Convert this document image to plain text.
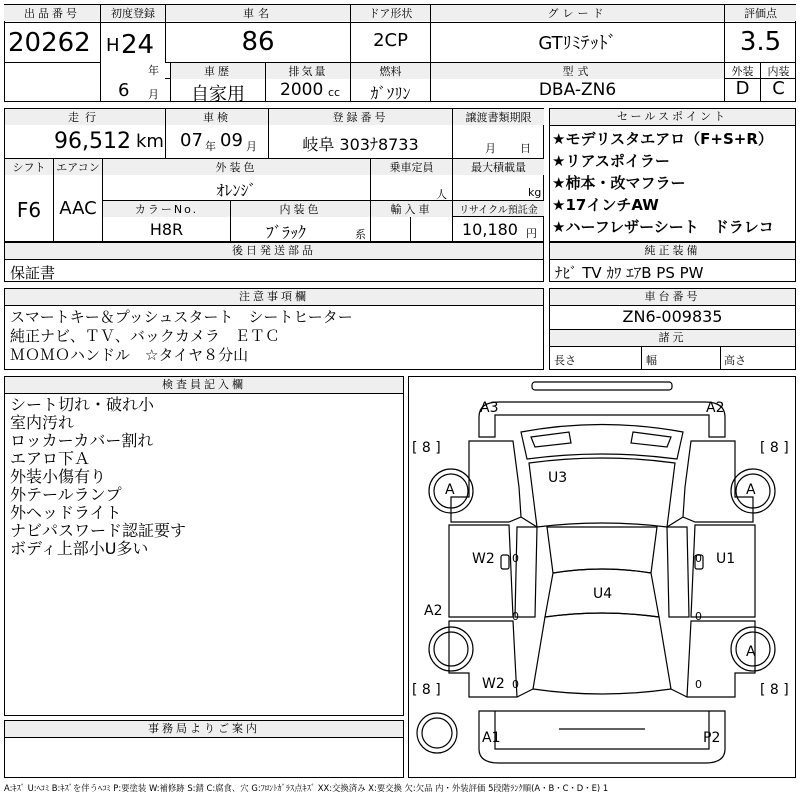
出品番号
20262
初度登録
H 24
年
6 月
車名
86
ドア形状
2CP
グレード
GTﾘﾐﾃｯﾄﾞ
評価点
3.5
車歴
自家用
排気量
2000 cc
燃料
ｶﾞｿﾘﾝ
型式
DBA-ZN6
外装	内装
D	C
走行
96,512 km
車検
07 年 09 月
登録番号
岐阜 303ﾅ8733
譲渡書類期限
月 日
シフト
F6
エアコン
AAC
外装色
ｵﾚﾝｼﾞ
乗車定員
人
最大積載量
kg
カラーNo.
H8R
内装色
ﾌﾞﾗｯｸ	系
輸入車	リサイクル預託金
10,180 円
セールスポイント
★モデリスタエアロ（F+S+R）
★リアスポイラー
★柿本・改マフラー
★17インチAW
★ハーフレザーシート　ドラレコ
後日発送部品
保証書
純正装備
ﾅﾋﾞ TV ｶﾜ ｴｱB PS PW
注意事項欄
スマートキー＆プッシュスタート　シートヒーター
純正ナビ、ＴＶ、バックカメラ　ＥＴＣ
ＭＯＭＯハンドル　☆タイヤ８分山
車台番号
ZN6-009835
諸元
長さ	幅	高さ
検査員記入欄
シート切れ・破れ小
室内汚れ
ロッカーカバー割れ
エアロ下Ａ
外装小傷有り
外テールランプ
外ヘッドライト
ナビパスワード認証要す
ボディ上部小U多い
事務局よりご案内
A3	A2
U3
A	A
W2	U1
U4
A2
A
W2
A1	P2
[ 8 ]	[ 8 ]
[ 8 ]	[ 8 ]
0	0
0	0
0	0
A:ｷｽﾞ U:ﾍｺﾐ B:ｷｽﾞを伴うﾍｺﾐ P:要塗装 W:補修跡 S:錆 C:腐食、穴 G:ﾌﾛﾝﾄｶﾞﾗｽ点ｷｽﾞ XX:交換済み X:要交換 欠:欠品 内・外装評価 5段階ﾗﾝｸ順(A・B・C・D・E) 1
